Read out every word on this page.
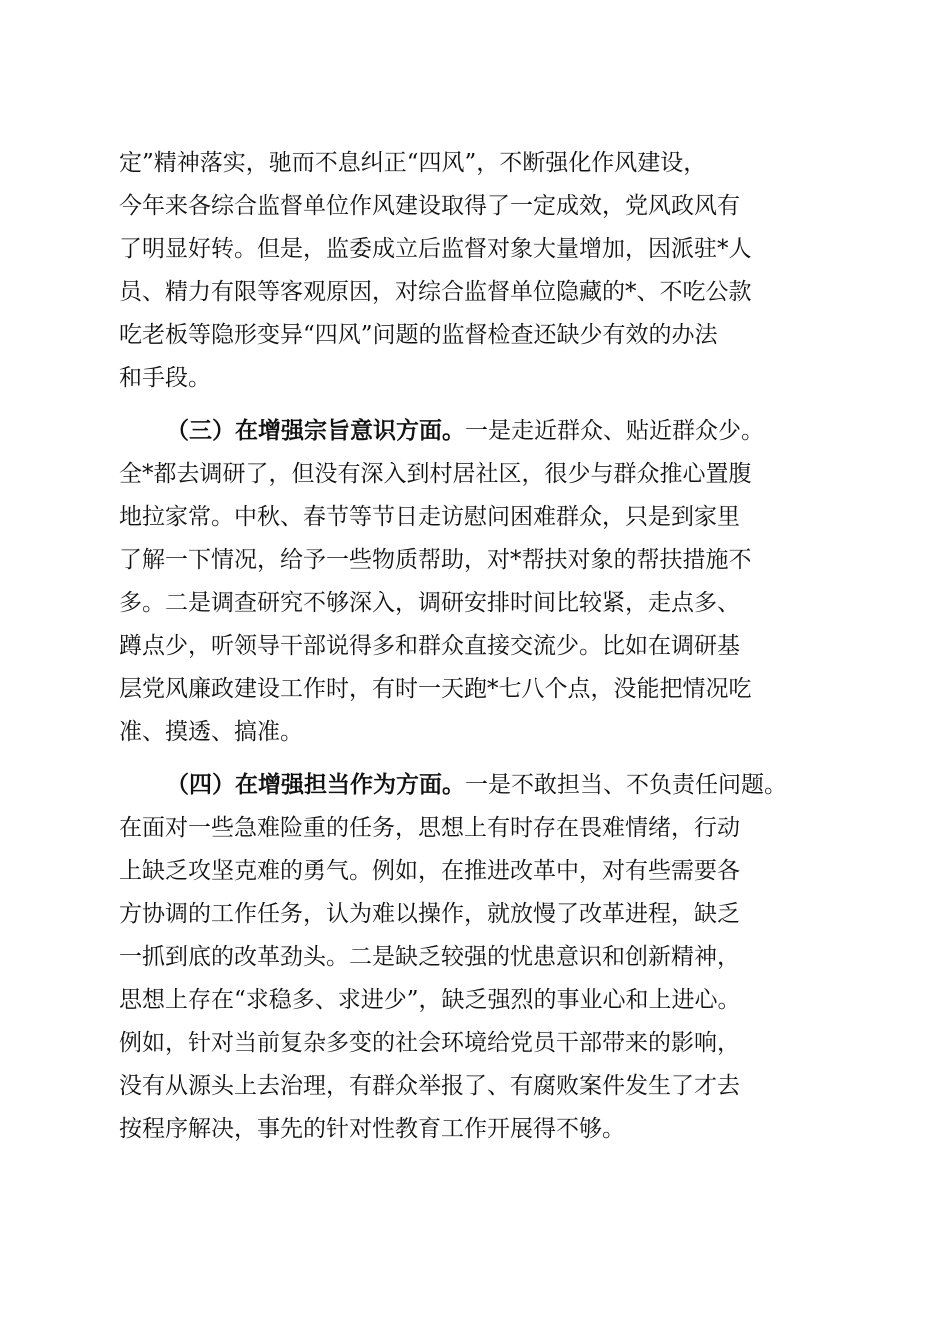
定”精神落实，驰而不息纠正“四风”，不断强化作风建设，
今年来各综合监督单位作风建设取得了一定成效，党风政风有
了明显好转。但是，监委成立后监督对象大量增加，因派驻*人
员、精力有限等客观原因，对综合监督单位隐藏的*、不吃公款
吃老板等隐形变异“四风”问题的监督检查还缺少有效的办法
和手段。
（三）在增强宗旨意识方面。一是走近群众、贴近群众少。
全*都去调研了，但没有深入到村居社区，很少与群众推心置腹
地拉家常。中秋、春节等节日走访慰问困难群众，只是到家里
了解一下情况，给予一些物质帮助，对*帮扶对象的帮扶措施不
多。二是调查研究不够深入，调研安排时间比较紧，走点多、
蹲点少，听领导干部说得多和群众直接交流少。比如在调研基
层党风廉政建设工作时，有时一天跑*七八个点，没能把情况吃
准、摸透、搞准。
（四）在增强担当作为方面。一是不敢担当、不负责任问题。
在面对一些急难险重的任务，思想上有时存在畏难情绪，行动
上缺乏攻坚克难的勇气。例如，在推进改革中，对有些需要各
方协调的工作任务，认为难以操作，就放慢了改革进程，缺乏
一抓到底的改革劲头。二是缺乏较强的忧患意识和创新精神，
思想上存在“求稳多、求进少”，缺乏强烈的事业心和上进心。
例如，针对当前复杂多变的社会环境给党员干部带来的影响，
没有从源头上去治理，有群众举报了、有腐败案件发生了才去
按程序解决，事先的针对性教育工作开展得不够。
